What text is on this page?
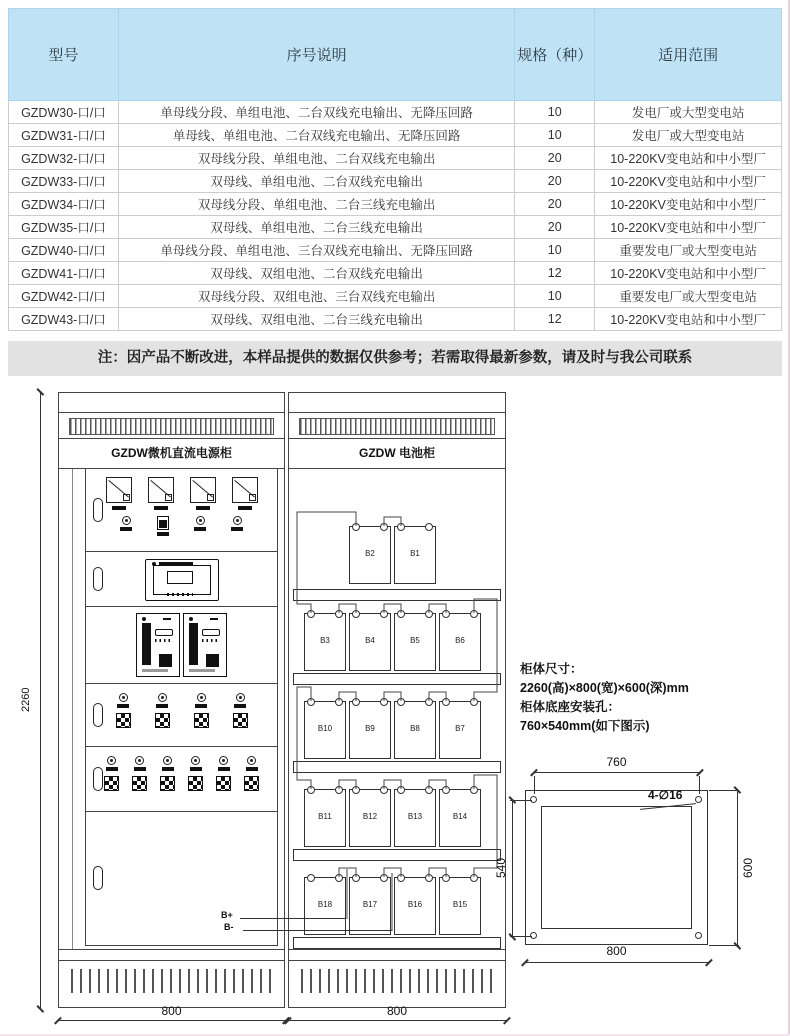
型号	序号说明	规格（种）	适用范围
GZDW30-口/口	单母线分段、单组电池、二台双线充电输出、无降压回路	10	发电厂或大型变电站
GZDW31-口/口	单母线、单组电池、二台双线充电输出、无降压回路	10	发电厂或大型变电站
GZDW32-口/口	双母线分段、单组电池、二台双线充电输出	20	10-220KV变电站和中小型厂
GZDW33-口/口	双母线、单组电池、二台双线充电输出	20	10-220KV变电站和中小型厂
GZDW34-口/口	双母线分段、单组电池、二台三线充电输出	20	10-220KV变电站和中小型厂
GZDW35-口/口	双母线、单组电池、二台三线充电输出	20	10-220KV变电站和中小型厂
GZDW40-口/口	单母线分段、单组电池、三台双线充电输出、无降压回路	10	重要发电厂或大型变电站
GZDW41-口/口	双母线、双组电池、二台双线充电输出	12	10-220KV变电站和中小型厂
GZDW42-口/口	双母线分段、双组电池、三台双线充电输出	10	重要发电厂或大型变电站
GZDW43-口/口	双母线、双组电池、二台三线充电输出	12	10-220KV变电站和中小型厂
注：因产品不断改进，本样品提供的数据仅供参考；若需取得最新参数，请及时与我公司联系
GZDW微机直流电源柜	GZDW 电池柜
B2	B1
B3	B4	B5	B6
B10	B9	B8	B7
B11	B12	B13	B14
B18	B17	B16	B15
B+
B-
2260
800	800
柜体尺寸：
2260(高)×800(宽)×600(深)mm
柜体底座安装孔：
760×540mm(如下图示)
760
540	600
800
4-∅16
